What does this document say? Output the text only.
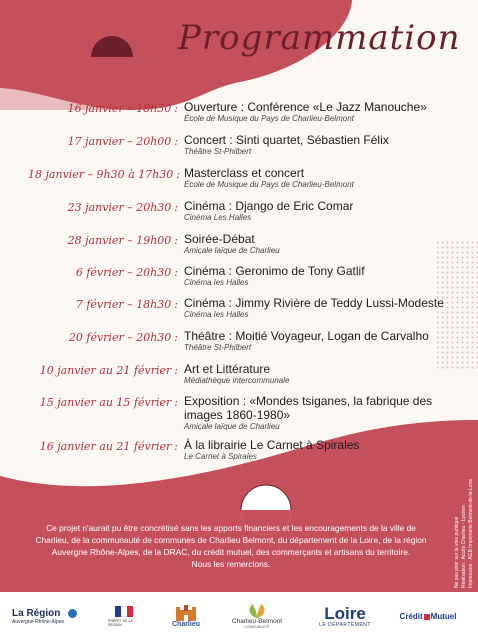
Programmation
16 janvier – 18h30 : Ouverture : Conférence «Le Jazz Manouche»
École de Musique du Pays de Charlieu-Belmont
17 janvier – 20h00 : Concert : Sinti quartet, Sébastien Félix
Théâtre St-Philbert
18 janvier – 9h30 à 17h30 : Masterclass et concert
École de Musique du Pays de Charlieu-Belmont
23 janvier – 20h30 : Cinéma : Django de Eric Comar
Cinéma Les Halles
28 janvier – 19h00 : Soirée-Débat
Amicale laïque de Charlieu
6 février – 20h30 : Cinéma : Geronimo de Tony Gatlif
Cinéma les Halles
7 février – 18h30 : Cinéma : Jimmy Rivière de Teddy Lussi-Modeste
Cinéma les Halles
20 février – 20h30 : Théâtre : Moitié Voyageur, Logan de Carvalho
Théâtre St-Philbert
10 janvier au 21 février : Art et Littérature
Médiathèque intercommunale
15 janvier au 15 février : Exposition : «Mondes tsiganes, la fabrique des
images 1860-1980»
Amicale laïque de Charlieu
16 janvier au 21 février : À la librairie Le Carnet à Spirales
Le Carnet à Spirales
Ce projet n'aurait pu être concrétisé sans les apports financiers et les encouragements de la ville de
Charlieu, de la communauté de communes de Charlieu Belmont, du département de la Loire, de la région
Auvergne Rhône-Alpes, de la DRAC, du crédit mutuel, des commerçants et artisans du territoire.
Nous les remercions.	Ne pas jeter sur la voie publique Réalisation : Accès Charlieu - Lycéen Impression : AGB Imprimerie Belmont-de-la-Loire
La Région
Auvergne-Rhône-Alpes	PRÉFET DE LA RÉGION	Charlieu	Charlieu-Belmont
COMMUNAUTÉ
Loire
LE DÉPARTEMENT
Crédit Mutuel
